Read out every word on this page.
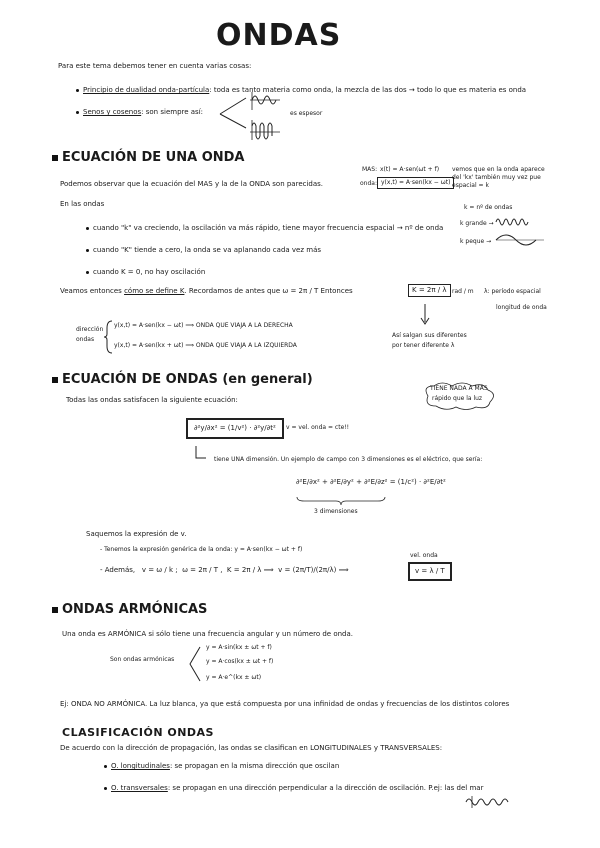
ONDAS
Para este tema debemos tener en cuenta varias cosas:
Principio de dualidad onda-partícula: toda es tanto materia como onda, la mezcla de las dos → todo lo que es materia es onda
Senos y cosenos: son siempre así:	es espesor
ECUACIÓN DE UNA ONDA
MAS: x(t) = A·sen(ωt + f)
onda: y(x,t) = A·sen(kx − ωt)
vemos que en la onda aparece del 'kx' también muy vez pue espacial = k
Podemos observar que la ecuación del MAS y la de la ONDA son parecidas.
En las ondas	k = nº de ondas
cuando "k" va creciendo, la oscilación va más rápido, tiene mayor frecuencia espacial → nº de onda
k grande →
k peque →
cuando "K" tiende a cero, la onda se va aplanando cada vez más
cuando K = 0, no hay oscilación
Veamos entonces cómo se define K. Recordamos de antes que ω = 2π / T Entonces	K = 2π / λ rad / m λ: período espacial
longitud de onda
Así salgan sus diferentes
por tener diferente λ
dirección
ondas
y(x,t) = A·sen(kx − ωt) ⟹ ONDA QUE VIAJA A LA DERECHA
y(x,t) = A·sen(kx + ωt) ⟹ ONDA QUE VIAJA A LA IZQUIERDA
ECUACIÓN DE ONDAS (en general)
TIENE NADA A MÁS
rápido que la luz
Todas las ondas satisfacen la siguiente ecuación:
∂²y/∂x² = (1/v²) · ∂²y/∂t²	v = vel. onda = cte!!
tiene UNA dimensión. Un ejemplo de campo con 3 dimensiones es el eléctrico, que sería:
∂²E/∂x² + ∂²E/∂y² + ∂²E/∂z² = (1/c²) · ∂²E/∂t²
3 dimensiones
Saquemos la expresión de v.
- Tenemos la expresión genérica de la onda: y = A·sen(kx − ωt + f)
- Además, v = ω / k ;  ω = 2π / T ,  K = 2π / λ ⟹  v = (2π/T)/(2π/λ) ⟹
vel. onda
v = λ / T
ONDAS ARMÓNICAS
Una onda es ARMÓNICA si sólo tiene una frecuencia angular y un número de onda.
Son ondas armónicas
y = A·sin(kx ± ωt + f)
y = A·cos(kx ± ωt + f)
y = A·e^(kx ± ωt)
Ej: ONDA NO ARMÓNICA. La luz blanca, ya que está compuesta por una infinidad de ondas y frecuencias de los distintos colores
CLASIFICACIÓN ONDAS
De acuerdo con la dirección de propagación, las ondas se clasifican en LONGITUDINALES y TRANSVERSALES:
O. longitudinales: se propagan en la misma dirección que oscilan
O. transversales: se propagan en una dirección perpendicular a la dirección de oscilación. P.ej: las del mar
